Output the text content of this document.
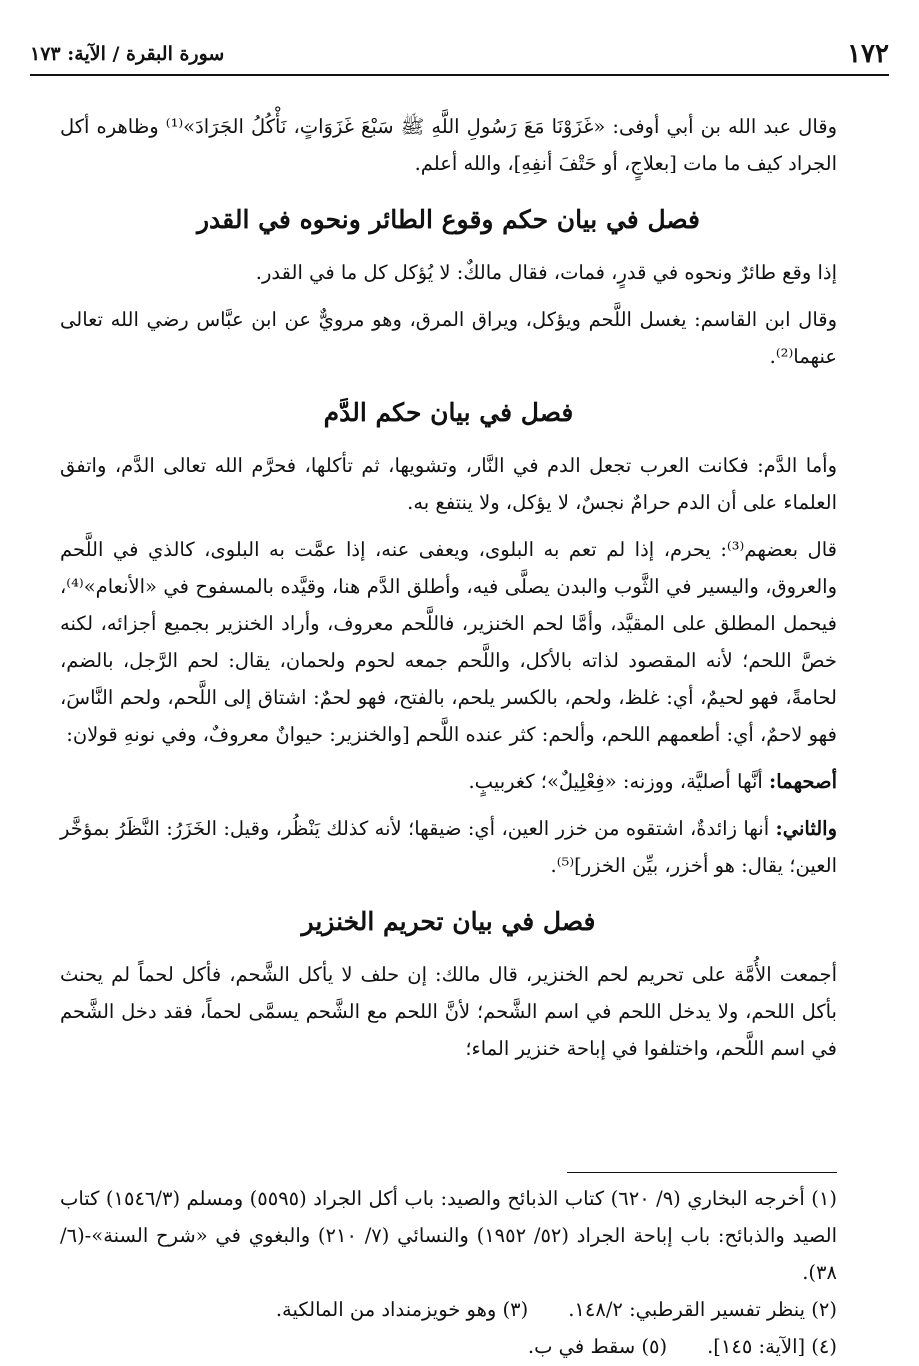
١٧٢
سورة البقرة / الآية: ١٧٣

وقال عبد الله بن أبي أوفى: «غَزَوْنَا مَعَ رَسُولِ اللَّهِ ﷺ سَبْعَ غَزَوَاتٍ، نَأْكُلُ الجَرَادَ»⁽¹⁾ وظاهره أكل الجراد كيف ما مات [بعلاجٍ، أو حَتْفَ أنفِهِ]، والله أعلم.

فصل في بيان حكم وقوع الطائر ونحوه في القدر

إذا وقع طائرٌ ونحوه في قدرٍ، فمات، فقال مالكٌ: لا يُؤكل كل ما في القدر.

وقال ابن القاسم: يغسل اللَّحم ويؤكل، ويراق المرق، وهو مرويٌّ عن ابن عبَّاس رضي الله تعالى عنهما⁽²⁾.

فصل في بيان حكم الدَّم

وأما الدَّم: فكانت العرب تجعل الدم في النَّار، وتشويها، ثم تأكلها، فحرَّم الله تعالى الدَّم، واتفق العلماء على أن الدم حرامٌ نجسٌ، لا يؤكل، ولا ينتفع به.

قال بعضهم⁽³⁾: يحرم، إذا لم تعم به البلوى، ويعفى عنه، إذا عمَّت به البلوى، كالذي في اللَّحم والعروق، واليسير في الثَّوب والبدن يصلَّى فيه، وأطلق الدَّم هنا، وقيَّده بالمسفوح في «الأنعام»⁽⁴⁾، فيحمل المطلق على المقيَّد، وأمَّا لحم الخنزير، فاللَّحم معروف، وأراد الخنزير بجميع أجزائه، لكنه خصَّ اللحم؛ لأنه المقصود لذاته بالأكل، واللَّحم جمعه لحوم ولحمان، يقال: لحم الرَّجل، بالضم، لحامةً، فهو لحيمٌ، أي: غلظ، ولحم، بالكسر يلحم، بالفتح، فهو لحمٌ: اشتاق إلى اللَّحم، ولحم النَّاسَ، فهو لاحمٌ، أي: أطعمهم اللحم، وألحم: كثر عنده اللَّحم [والخنزير: حيوانٌ معروفٌ، وفي نونهِ قولان:

أصحهما: أنَّها أصليَّة، ووزنه: «فِعْلِيلٌ»؛ كغربيبٍ.

والثاني: أنها زائدةٌ، اشتقوه من خزر العين، أي: ضيقها؛ لأنه كذلك يَنْظُر، وقيل: الخَزَرُ: النَّظَرُ بمؤخَّر العين؛ يقال: هو أخزر، بيِّن الخزر]⁽⁵⁾.

فصل في بيان تحريم الخنزير

أجمعت الأُمَّة على تحريم لحم الخنزير، قال مالك: إن حلف لا يأكل الشَّحم، فأكل لحماً لم يحنث بأكل اللحم، ولا يدخل اللحم في اسم الشَّحم؛ لأنَّ اللحم مع الشَّحم يسمَّى لحماً، فقد دخل الشَّحم في اسم اللَّحم، واختلفوا في إباحة خنزير الماء؛

(١) أخرجه البخاري (٩/ ٦٢٠) كتاب الذبائح والصيد: باب أكل الجراد (٥٥٩٥) ومسلم (١٥٤٦/٣) كتاب الصيد والذبائح: باب إباحة الجراد (٥٢/ ١٩٥٢) والنسائي (٧/ ٢١٠) والبغوي في «شرح السنة»-(٦/ ٣٨).

(٢) ينظر تفسير القرطبي: ١٤٨/٢.

(٣) وهو خويزمنداد من المالكية.

(٤) [الآية: ١٤٥].

(٥) سقط في ب.
